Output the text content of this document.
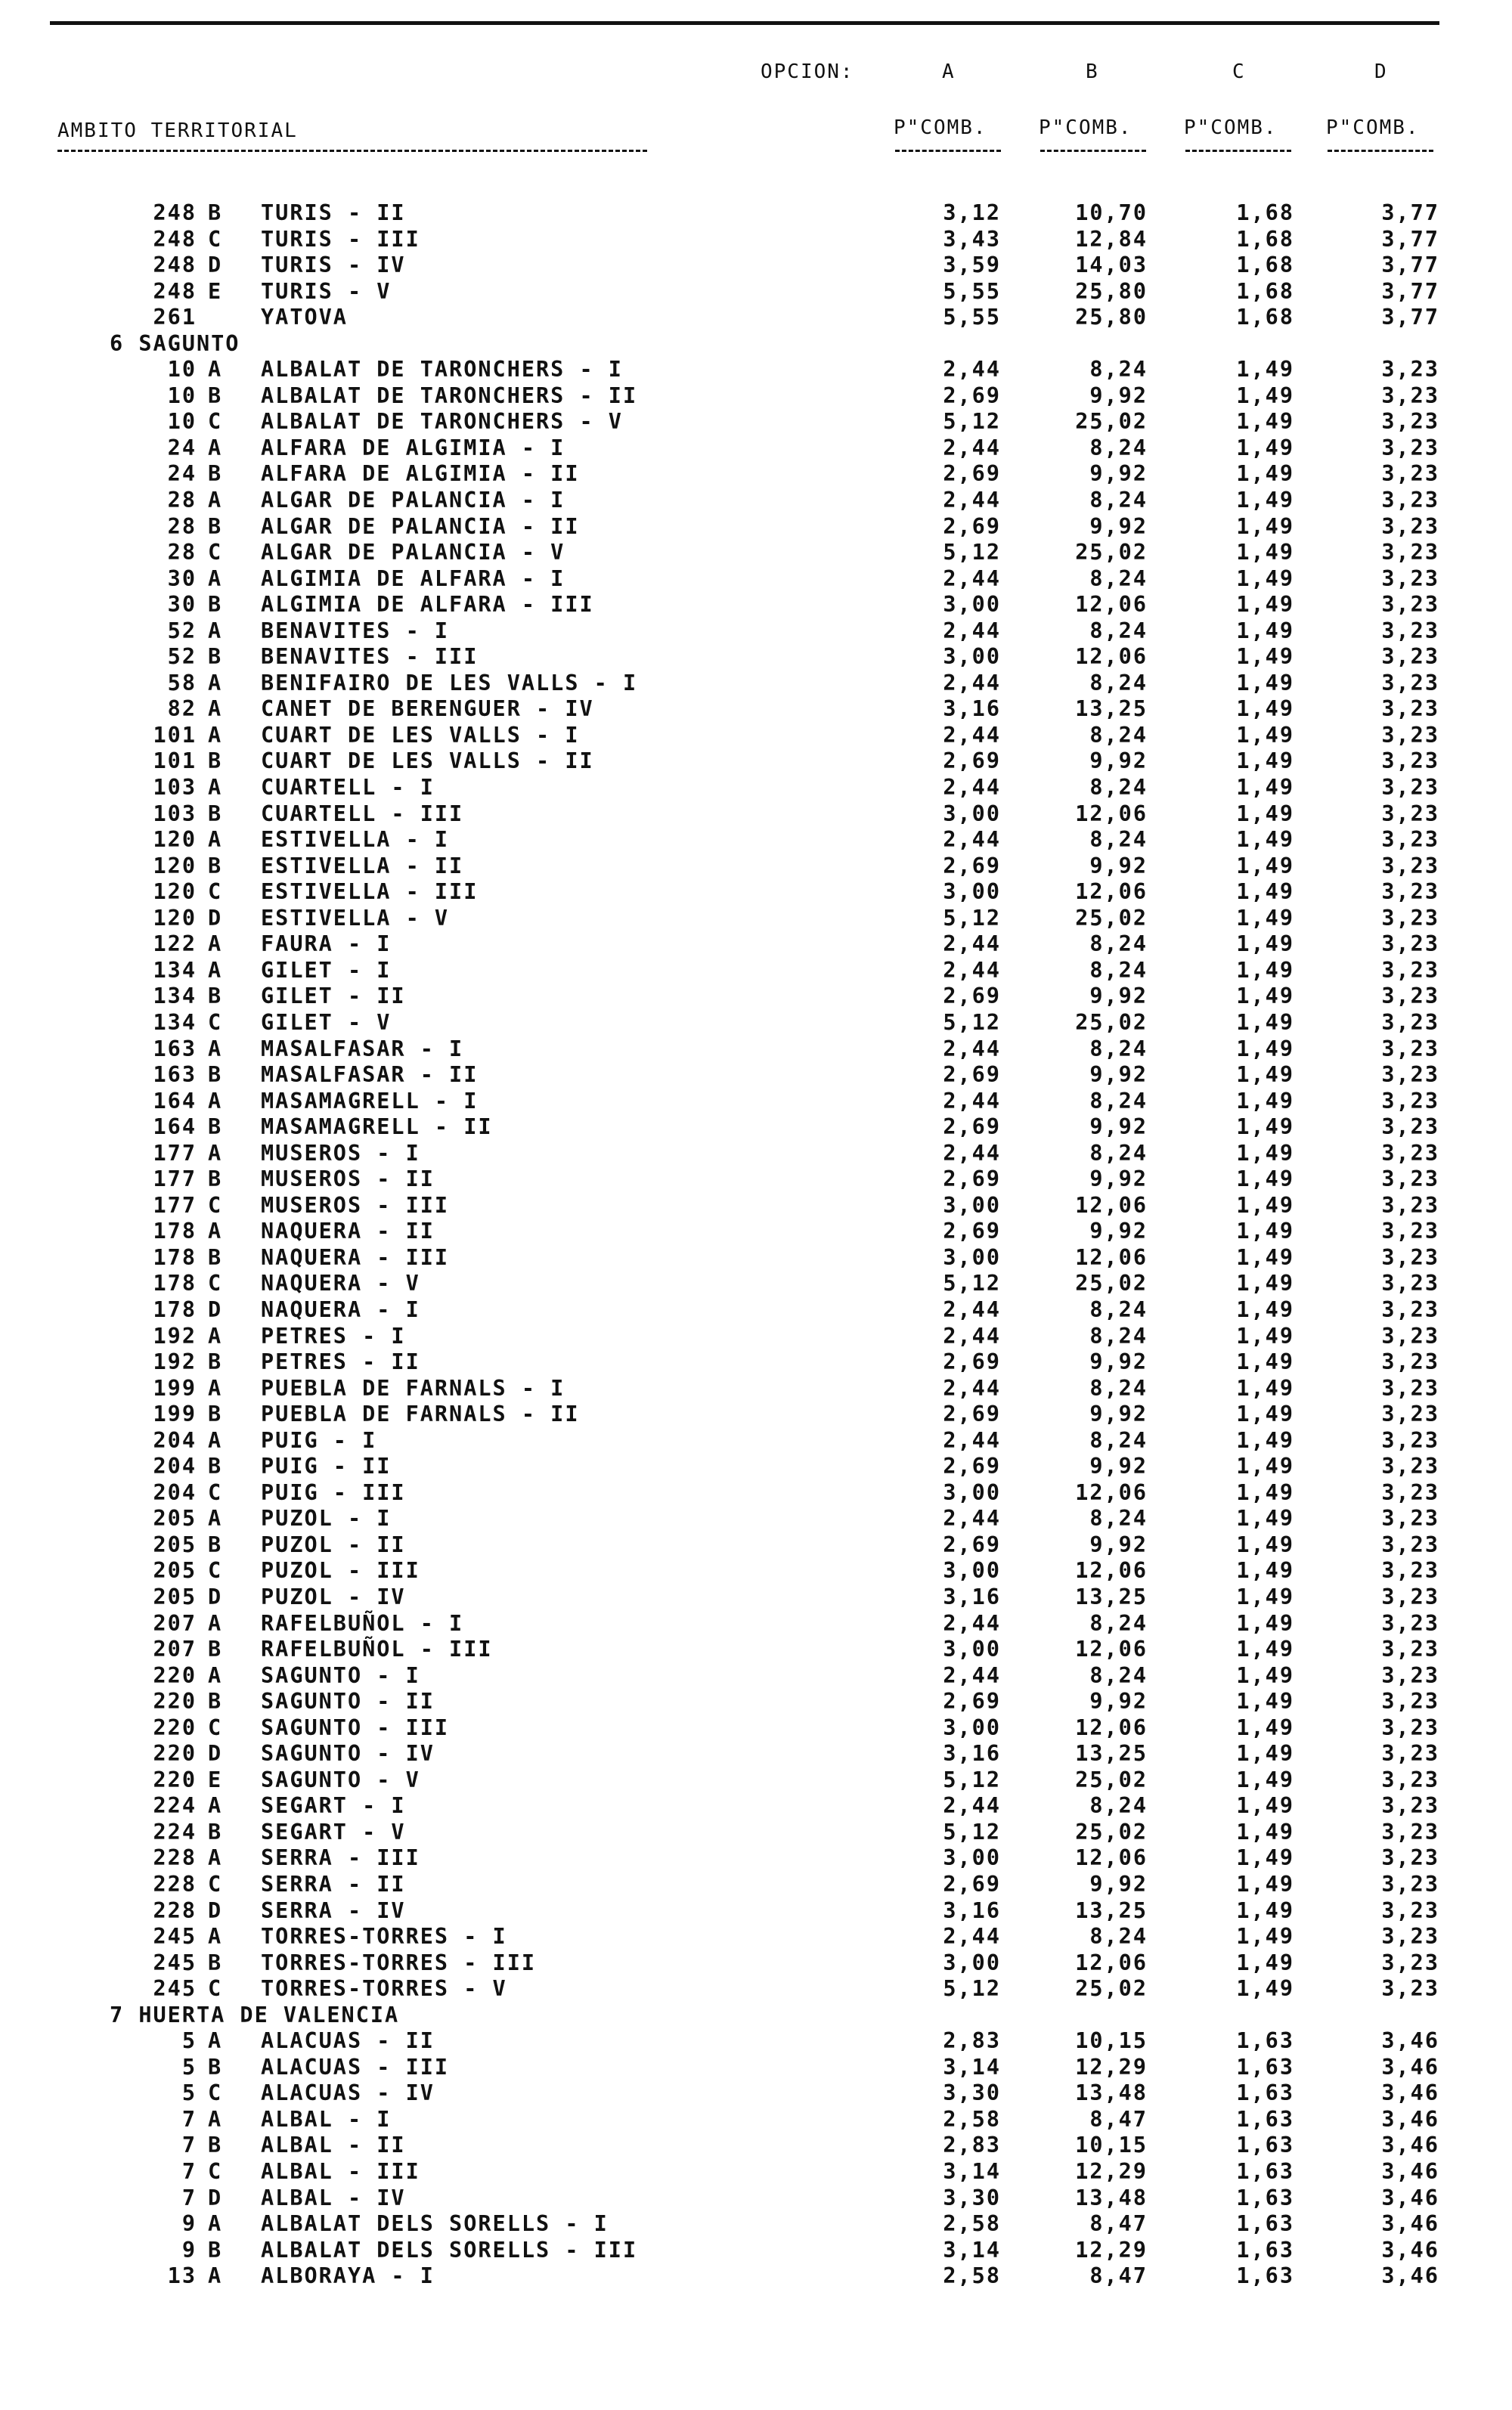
OPCION:	A	B	C	D
AMBITO TERRITORIAL	P"COMB.	P"COMB.	P"COMB. P"COMB.
248 B TURIS - II	3,12	10,70	1,68	3,77
248 C TURIS - III	3,43	12,84	1,68	3,77
248 D TURIS - IV	3,59	14,03	1,68	3,77
248 E TURIS - V	5,55	25,80	1,68	3,77
261	YATOVA	5,55	25,80	1,68	3,77
6 SAGUNTO
10 A ALBALAT DE TARONCHERS - I	2,44	8,24	1,49	3,23
10 B ALBALAT DE TARONCHERS - II	2,69	9,92	1,49	3,23
10 C ALBALAT DE TARONCHERS - V	5,12	25,02	1,49	3,23
24 A ALFARA DE ALGIMIA - I	2,44	8,24	1,49	3,23
24 B ALFARA DE ALGIMIA - II	2,69	9,92	1,49	3,23
28 A ALGAR DE PALANCIA - I	2,44	8,24	1,49	3,23
28 B ALGAR DE PALANCIA - II	2,69	9,92	1,49	3,23
28 C ALGAR DE PALANCIA - V	5,12	25,02	1,49	3,23
30 A ALGIMIA DE ALFARA - I	2,44	8,24	1,49	3,23
30 B ALGIMIA DE ALFARA - III	3,00	12,06	1,49	3,23
52 A BENAVITES - I	2,44	8,24	1,49	3,23
52 B BENAVITES - III	3,00	12,06	1,49	3,23
58 A BENIFAIRO DE LES VALLS - I	2,44	8,24	1,49	3,23
82 A CANET DE BERENGUER - IV	3,16	13,25	1,49	3,23
101 A CUART DE LES VALLS - I	2,44	8,24	1,49	3,23
101 B CUART DE LES VALLS - II	2,69	9,92	1,49	3,23
103 A CUARTELL - I	2,44	8,24	1,49	3,23
103 B CUARTELL - III	3,00	12,06	1,49	3,23
120 A ESTIVELLA - I	2,44	8,24	1,49	3,23
120 B ESTIVELLA - II	2,69	9,92	1,49	3,23
120 C ESTIVELLA - III	3,00	12,06	1,49	3,23
120 D ESTIVELLA - V	5,12	25,02	1,49	3,23
122 A FAURA - I	2,44	8,24	1,49	3,23
134 A GILET - I	2,44	8,24	1,49	3,23
134 B GILET - II	2,69	9,92	1,49	3,23
134 C GILET - V	5,12	25,02	1,49	3,23
163 A MASALFASAR - I	2,44	8,24	1,49	3,23
163 B MASALFASAR - II	2,69	9,92	1,49	3,23
164 A MASAMAGRELL - I	2,44	8,24	1,49	3,23
164 B MASAMAGRELL - II	2,69	9,92	1,49	3,23
177 A MUSEROS - I	2,44	8,24	1,49	3,23
177 B MUSEROS - II	2,69	9,92	1,49	3,23
177 C MUSEROS - III	3,00	12,06	1,49	3,23
178 A NAQUERA - II	2,69	9,92	1,49	3,23
178 B NAQUERA - III	3,00	12,06	1,49	3,23
178 C NAQUERA - V	5,12	25,02	1,49	3,23
178 D NAQUERA - I	2,44	8,24	1,49	3,23
192 A PETRES - I	2,44	8,24	1,49	3,23
192 B PETRES - II	2,69	9,92	1,49	3,23
199 A PUEBLA DE FARNALS - I	2,44	8,24	1,49	3,23
199 B PUEBLA DE FARNALS - II	2,69	9,92	1,49	3,23
204 A PUIG - I	2,44	8,24	1,49	3,23
204 B PUIG - II	2,69	9,92	1,49	3,23
204 C PUIG - III	3,00	12,06	1,49	3,23
205 A PUZOL - I	2,44	8,24	1,49	3,23
205 B PUZOL - II	2,69	9,92	1,49	3,23
205 C PUZOL - III	3,00	12,06	1,49	3,23
205 D PUZOL - IV	3,16	13,25	1,49	3,23
207 A RAFELBUÑOL - I	2,44	8,24	1,49	3,23
207 B RAFELBUÑOL - III	3,00	12,06	1,49	3,23
220 A SAGUNTO - I	2,44	8,24	1,49	3,23
220 B SAGUNTO - II	2,69	9,92	1,49	3,23
220 C SAGUNTO - III	3,00	12,06	1,49	3,23
220 D SAGUNTO - IV	3,16	13,25	1,49	3,23
220 E SAGUNTO - V	5,12	25,02	1,49	3,23
224 A SEGART - I	2,44	8,24	1,49	3,23
224 B SEGART - V	5,12	25,02	1,49	3,23
228 A SERRA - III	3,00	12,06	1,49	3,23
228 C SERRA - II	2,69	9,92	1,49	3,23
228 D SERRA - IV	3,16	13,25	1,49	3,23
245 A TORRES-TORRES - I	2,44	8,24	1,49	3,23
245 B TORRES-TORRES - III	3,00	12,06	1,49	3,23
245 C TORRES-TORRES - V	5,12	25,02	1,49	3,23
7 HUERTA DE VALENCIA
5 A ALACUAS - II	2,83	10,15	1,63	3,46
5 B ALACUAS - III	3,14	12,29	1,63	3,46
5 C ALACUAS - IV	3,30	13,48	1,63	3,46
7 A ALBAL - I	2,58	8,47	1,63	3,46
7 B ALBAL - II	2,83	10,15	1,63	3,46
7 C ALBAL - III	3,14	12,29	1,63	3,46
7 D ALBAL - IV	3,30	13,48	1,63	3,46
9 A ALBALAT DELS SORELLS - I	2,58	8,47	1,63	3,46
9 B ALBALAT DELS SORELLS - III	3,14	12,29	1,63	3,46
13 A ALBORAYA - I	2,58	8,47	1,63	3,46
